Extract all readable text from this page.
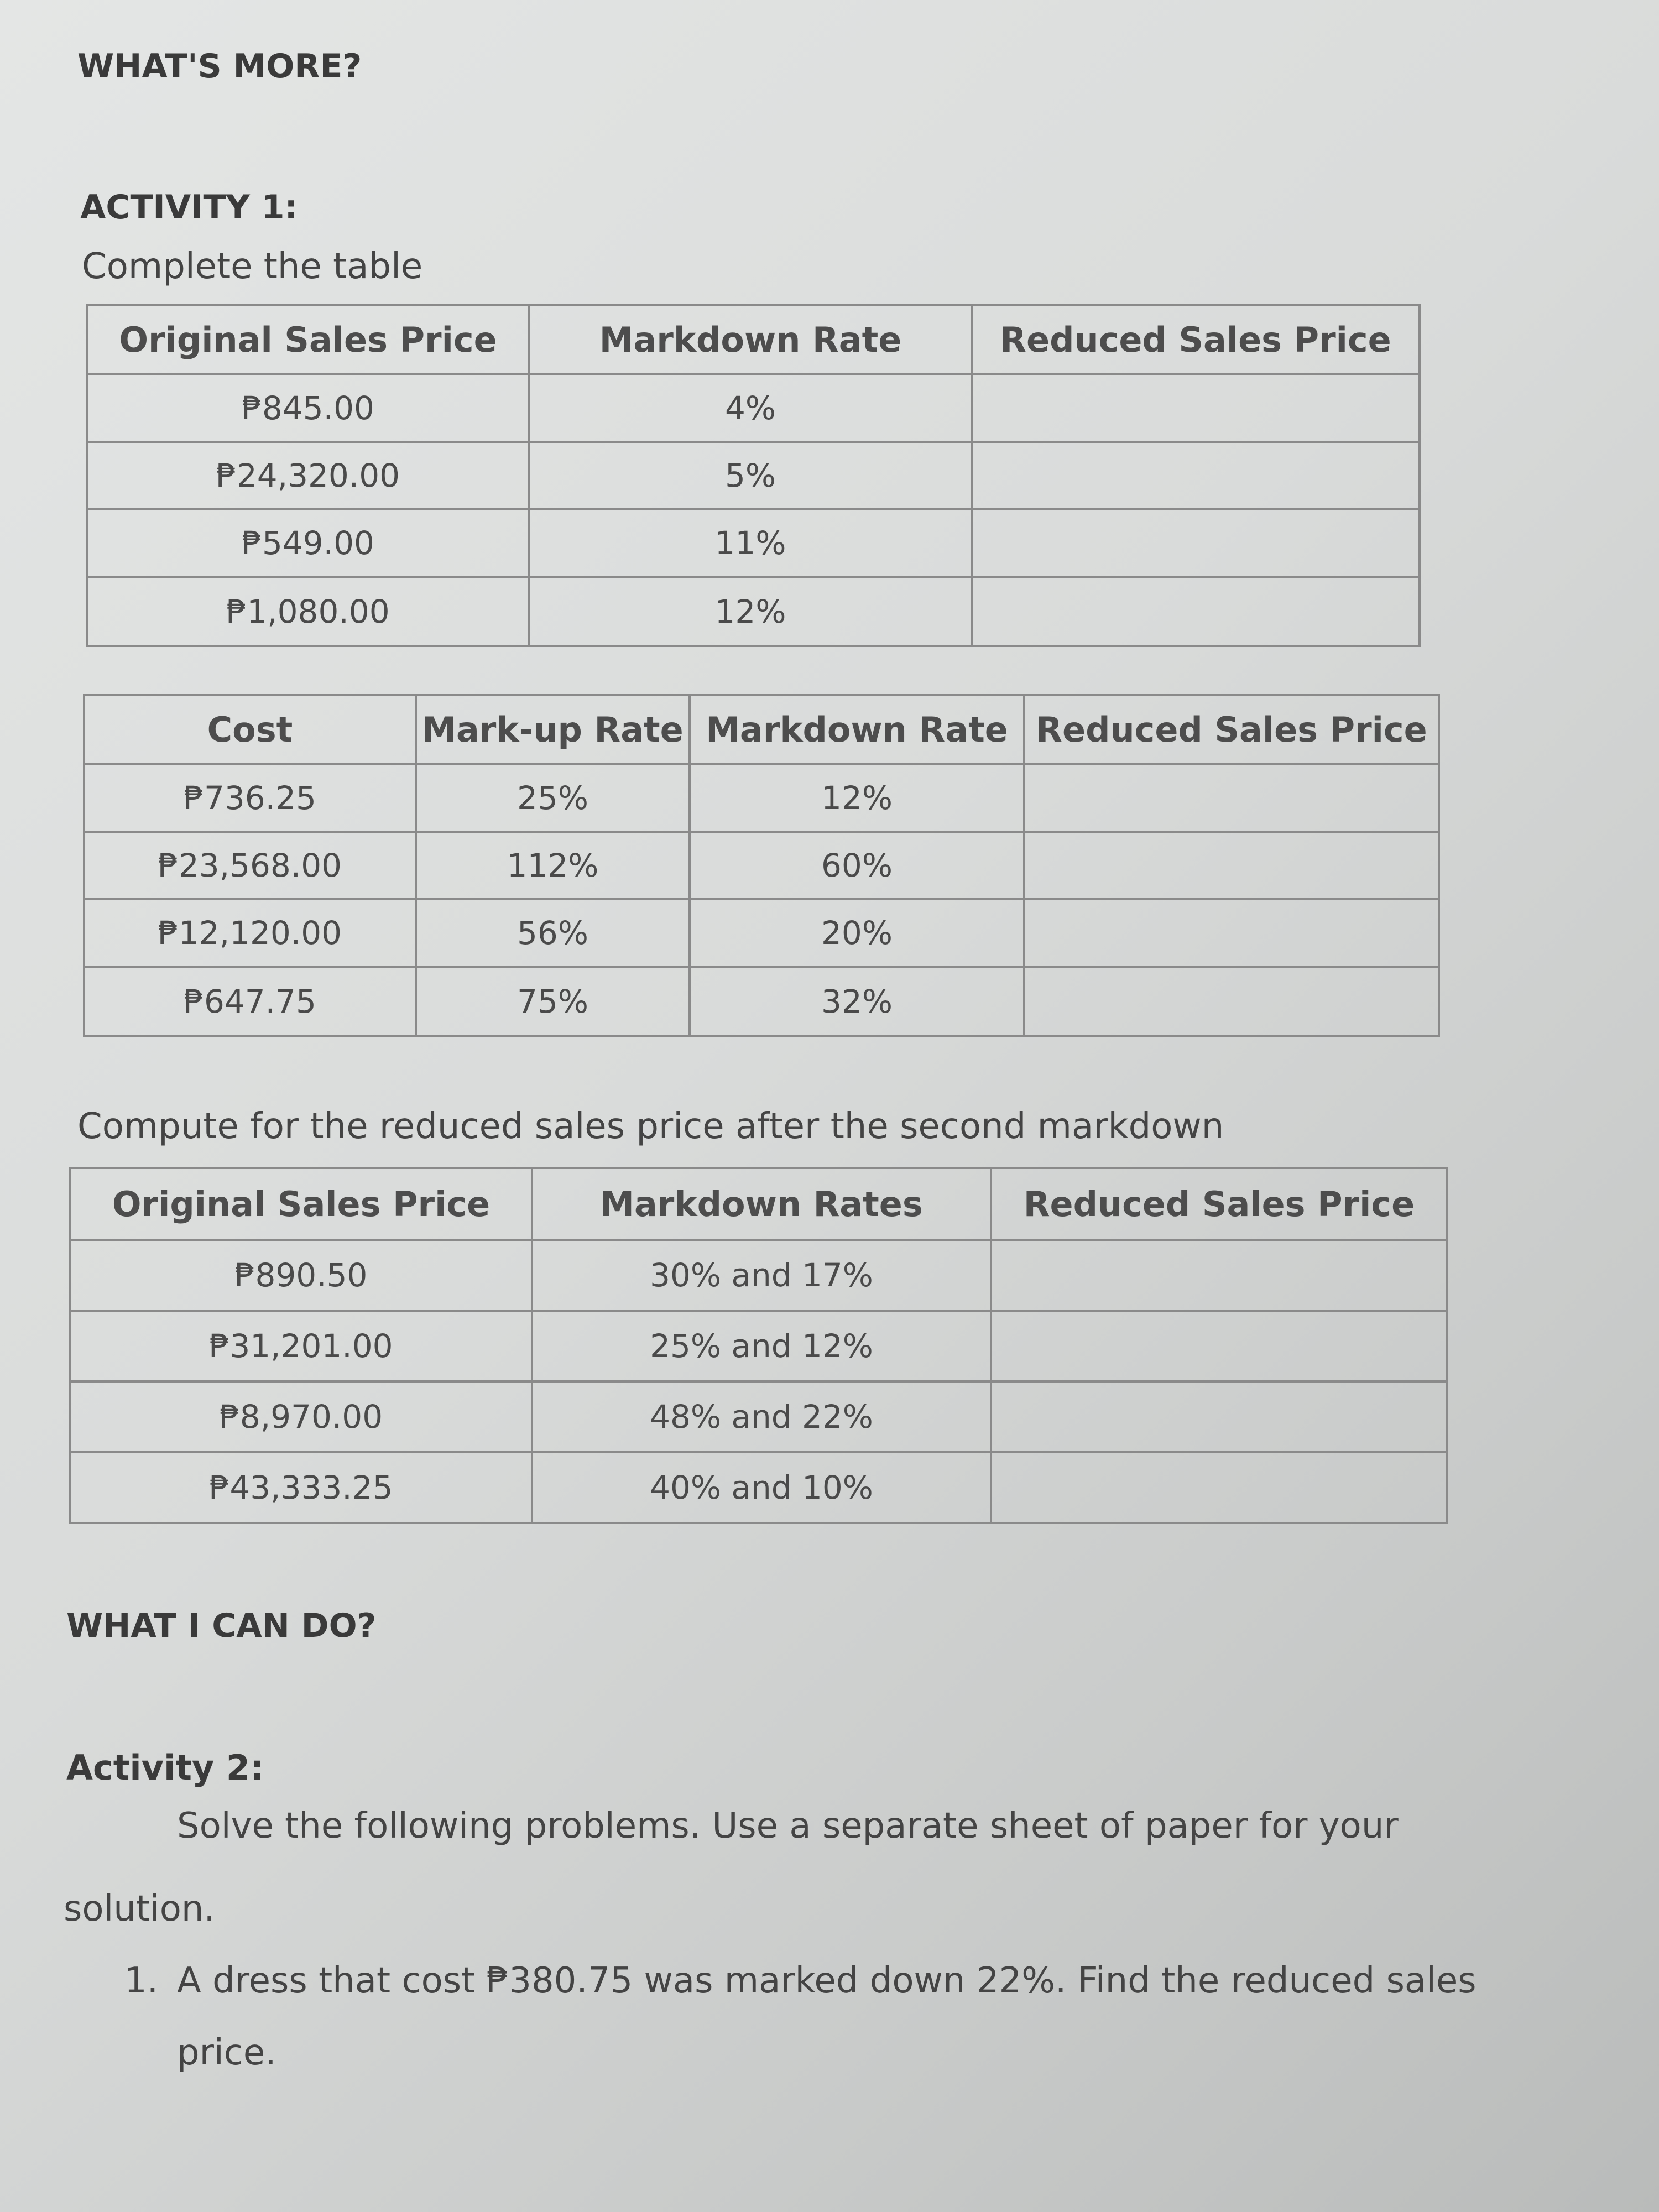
WHAT'S MORE?
ACTIVITY 1:

Complete the table

Original Sales Price	Markdown Rate	Reduced Sales Price
₱845.00	4%	
₱24,320.00	5%	
₱549.00	11%	
₱1,080.00	12%	
Cost	Mark-up Rate	Markdown Rate	Reduced Sales Price
₱736.25	25%	12%	
₱23,568.00	112%	60%	
₱12,120.00	56%	20%	
₱647.75	75%	32%	

Compute for the reduced sales price after the second markdown

Original Sales Price	Markdown Rates	Reduced Sales Price
₱890.50	30% and 17%	
₱31,201.00	25% and 12%	
₱8,970.00	48% and 22%	
₱43,333.25	40% and 10%	
WHAT I CAN DO?
Activity 2:

Solve the following problems. Use a separate sheet of paper for your

solution.

1. A dress that cost ₱380.75 was marked down 22%. Find the reduced sales

price.
